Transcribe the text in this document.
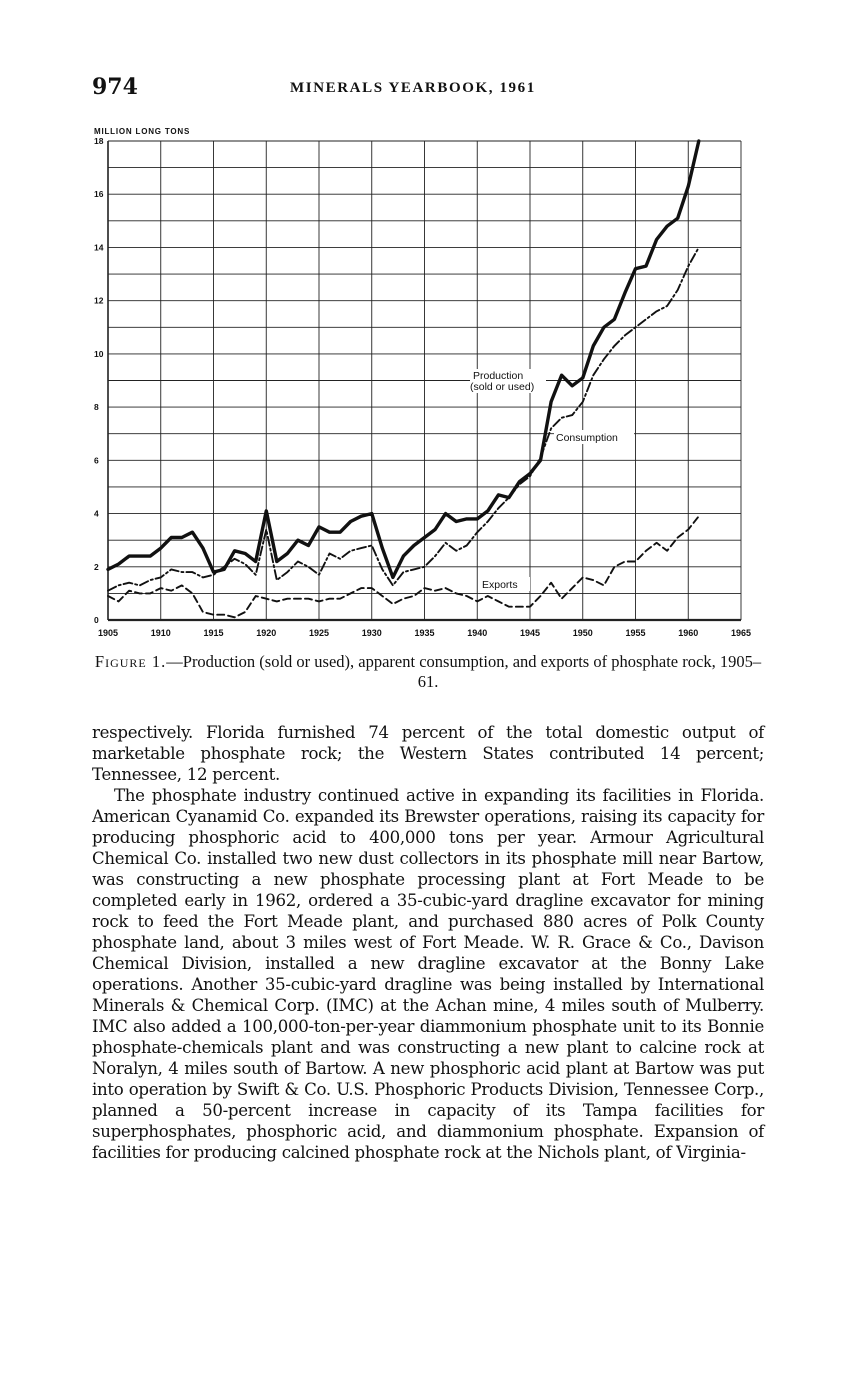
974	MINERALS YEARBOOK, 1961
MILLION LONG TONS
0
2
4
6
8
10
12
14
16
18
1905	1910	1915	1920	1925	1930	1935	1940	1945	1950	1955	1960	1965
Production
(sold or used)
Consumption
Exports
Figure 1.—Production (sold or used), apparent consumption, and exports of phosphate rock, 1905–61.

respectively. Florida furnished 74 percent of the total domestic output of marketable phosphate rock; the Western States contributed 14 percent; Tennessee, 12 percent.

The phosphate industry continued active in expanding its facilities in Florida. American Cyanamid Co. expanded its Brewster operations, raising its capacity for producing phosphoric acid to 400,000 tons per year. Armour Agricultural Chemical Co. installed two new dust collectors in its phosphate mill near Bartow, was constructing a new phosphate processing plant at Fort Meade to be completed early in 1962, ordered a 35-cubic-yard dragline excavator for mining rock to feed the Fort Meade plant, and purchased 880 acres of Polk County phosphate land, about 3 miles west of Fort Meade. W. R. Grace & Co., Davison Chemical Division, installed a new dragline excavator at the Bonny Lake operations. Another 35-cubic-yard dragline was being installed by International Minerals & Chemical Corp. (IMC) at the Achan mine, 4 miles south of Mulberry. IMC also added a 100,000-ton-per-year diammonium phosphate unit to its Bonnie phosphate-chemicals plant and was constructing a new plant to calcine rock at Noralyn, 4 miles south of Bartow. A new phosphoric acid plant at Bartow was put into operation by Swift & Co. U.S. Phosphoric Products Division, Tennessee Corp., planned a 50-percent increase in capacity of its Tampa facilities for superphosphates, phosphoric acid, and diammonium phosphate. Expansion of facilities for producing calcined phosphate rock at the Nichols plant, of Virginia-
